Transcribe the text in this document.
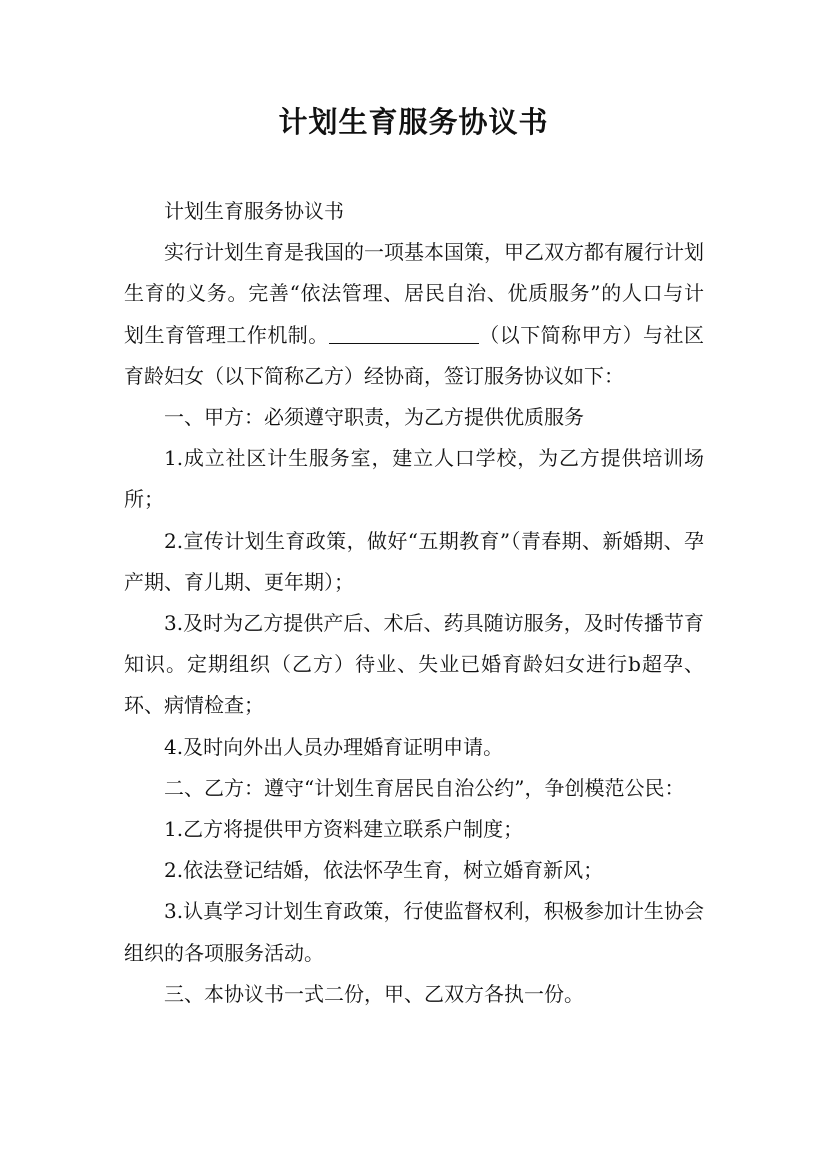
计划生育服务协议书

计划生育服务协议书

实行计划生育是我国的一项基本国策，甲乙双方都有履行计划生育的义务。完善“依法管理、居民自治、优质服务”的人口与计划生育管理工作机制。	（以下简称甲方）与社区育龄妇女（以下简称乙方）经协商，签订服务协议如下：

一、甲方：必须遵守职责，为乙方提供优质服务

1.成立社区计生服务室，建立人口学校，为乙方提供培训场所；

2.宣传计划生育政策，做好“五期教育”（青春期、新婚期、孕产期、育儿期、更年期）；

3.及时为乙方提供产后、术后、药具随访服务，及时传播节育知识。定期组织（乙方）待业、失业已婚育龄妇女进行b超孕、环、病情检查；

4.及时向外出人员办理婚育证明申请。

二、乙方：遵守“计划生育居民自治公约”，争创模范公民：

1.乙方将提供甲方资料建立联系户制度；

2.依法登记结婚，依法怀孕生育，树立婚育新风；

3.认真学习计划生育政策，行使监督权利，积极参加计生协会组织的各项服务活动。

三、本协议书一式二份，甲、乙双方各执一份。
